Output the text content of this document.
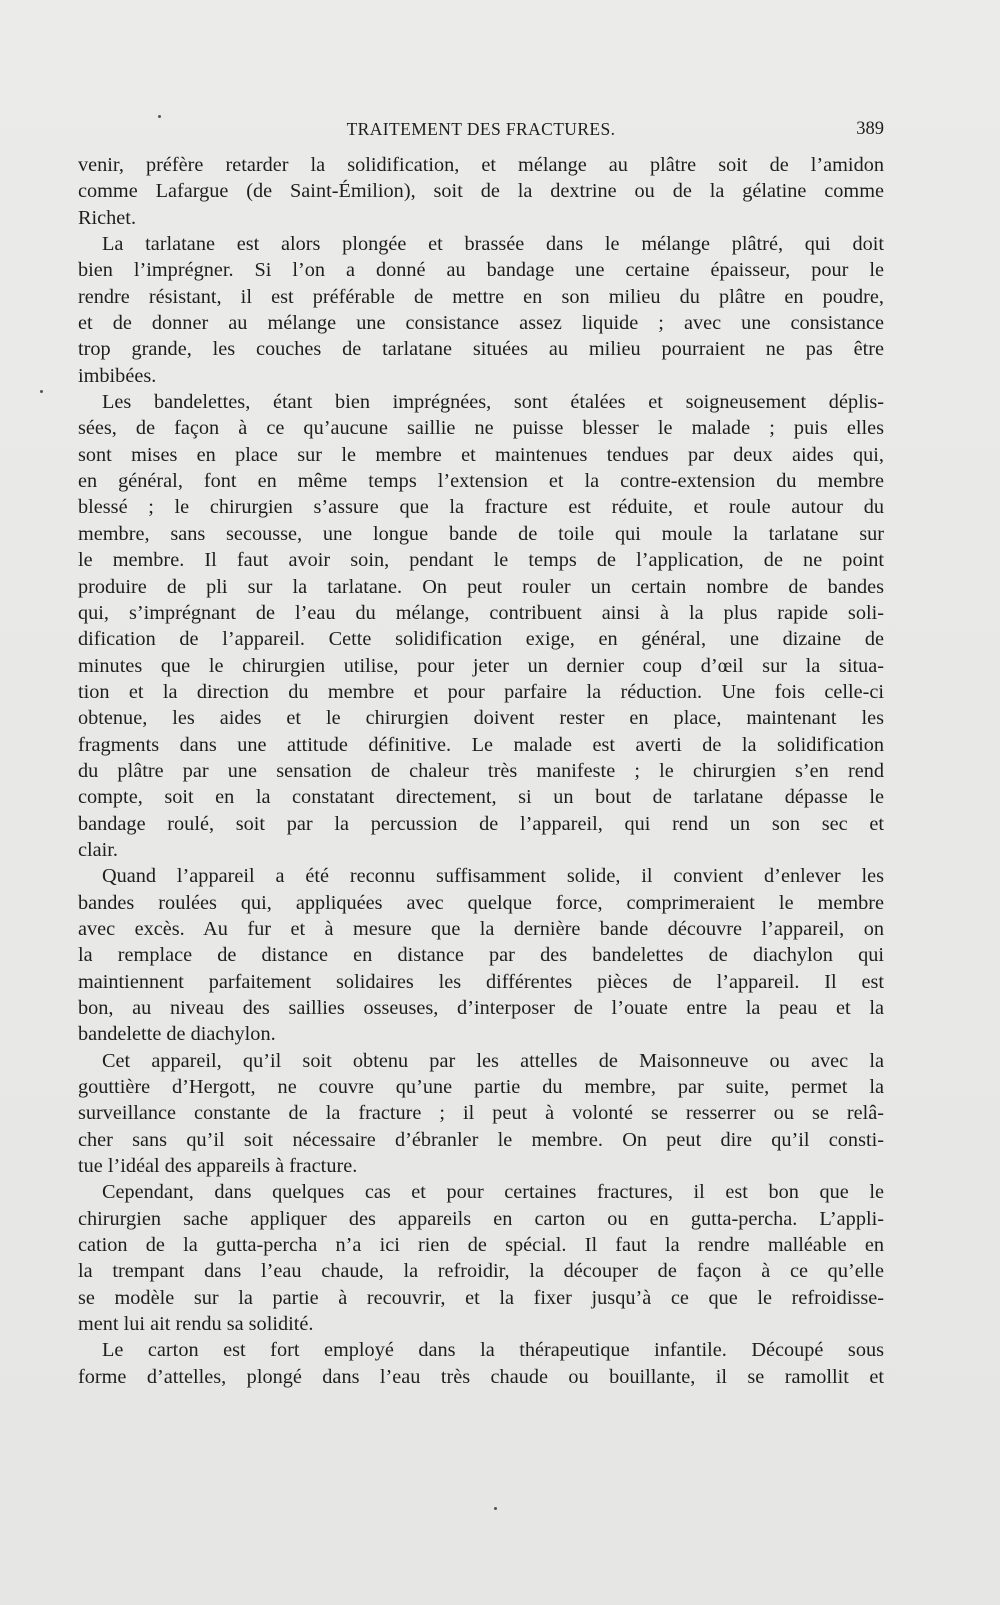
TRAITEMENT DES FRACTURES.	389
venir, préfère retarder la solidification, et mélange au plâtre soit de l’amidon
comme Lafargue (de Saint-Émilion), soit de la dextrine ou de la gélatine comme
Richet.
La tarlatane est alors plongée et brassée dans le mélange plâtré, qui doit
bien l’imprégner. Si l’on a donné au bandage une certaine épaisseur, pour le
rendre résistant, il est préférable de mettre en son milieu du plâtre en poudre,
et de donner au mélange une consistance assez liquide ; avec une consistance
trop grande, les couches de tarlatane situées au milieu pourraient ne pas être
imbibées.
Les bandelettes, étant bien imprégnées, sont étalées et soigneusement déplis-
sées, de façon à ce qu’aucune saillie ne puisse blesser le malade ; puis elles
sont mises en place sur le membre et maintenues tendues par deux aides qui,
en général, font en même temps l’extension et la contre-extension du membre
blessé ; le chirurgien s’assure que la fracture est réduite, et roule autour du
membre, sans secousse, une longue bande de toile qui moule la tarlatane sur
le membre. Il faut avoir soin, pendant le temps de l’application, de ne point
produire de pli sur la tarlatane. On peut rouler un certain nombre de bandes
qui, s’imprégnant de l’eau du mélange, contribuent ainsi à la plus rapide soli-
dification de l’appareil. Cette solidification exige, en général, une dizaine de
minutes que le chirurgien utilise, pour jeter un dernier coup d’œil sur la situa-
tion et la direction du membre et pour parfaire la réduction. Une fois celle-ci
obtenue, les aides et le chirurgien doivent rester en place, maintenant les
fragments dans une attitude définitive. Le malade est averti de la solidification
du plâtre par une sensation de chaleur très manifeste ; le chirurgien s’en rend
compte, soit en la constatant directement, si un bout de tarlatane dépasse le
bandage roulé, soit par la percussion de l’appareil, qui rend un son sec et
clair.
Quand l’appareil a été reconnu suffisamment solide, il convient d’enlever les
bandes roulées qui, appliquées avec quelque force, comprimeraient le membre
avec excès. Au fur et à mesure que la dernière bande découvre l’appareil, on
la remplace de distance en distance par des bandelettes de diachylon qui
maintiennent parfaitement solidaires les différentes pièces de l’appareil. Il est
bon, au niveau des saillies osseuses, d’interposer de l’ouate entre la peau et la
bandelette de diachylon.
Cet appareil, qu’il soit obtenu par les attelles de Maisonneuve ou avec la
gouttière d’Hergott, ne couvre qu’une partie du membre, par suite, permet la
surveillance constante de la fracture ; il peut à volonté se resserrer ou se relâ-
cher sans qu’il soit nécessaire d’ébranler le membre. On peut dire qu’il consti-
tue l’idéal des appareils à fracture.
Cependant, dans quelques cas et pour certaines fractures, il est bon que le
chirurgien sache appliquer des appareils en carton ou en gutta-percha. L’appli-
cation de la gutta-percha n’a ici rien de spécial. Il faut la rendre malléable en
la trempant dans l’eau chaude, la refroidir, la découper de façon à ce qu’elle
se modèle sur la partie à recouvrir, et la fixer jusqu’à ce que le refroidisse-
ment lui ait rendu sa solidité.
Le carton est fort employé dans la thérapeutique infantile. Découpé sous
forme d’attelles, plongé dans l’eau très chaude ou bouillante, il se ramollit et
